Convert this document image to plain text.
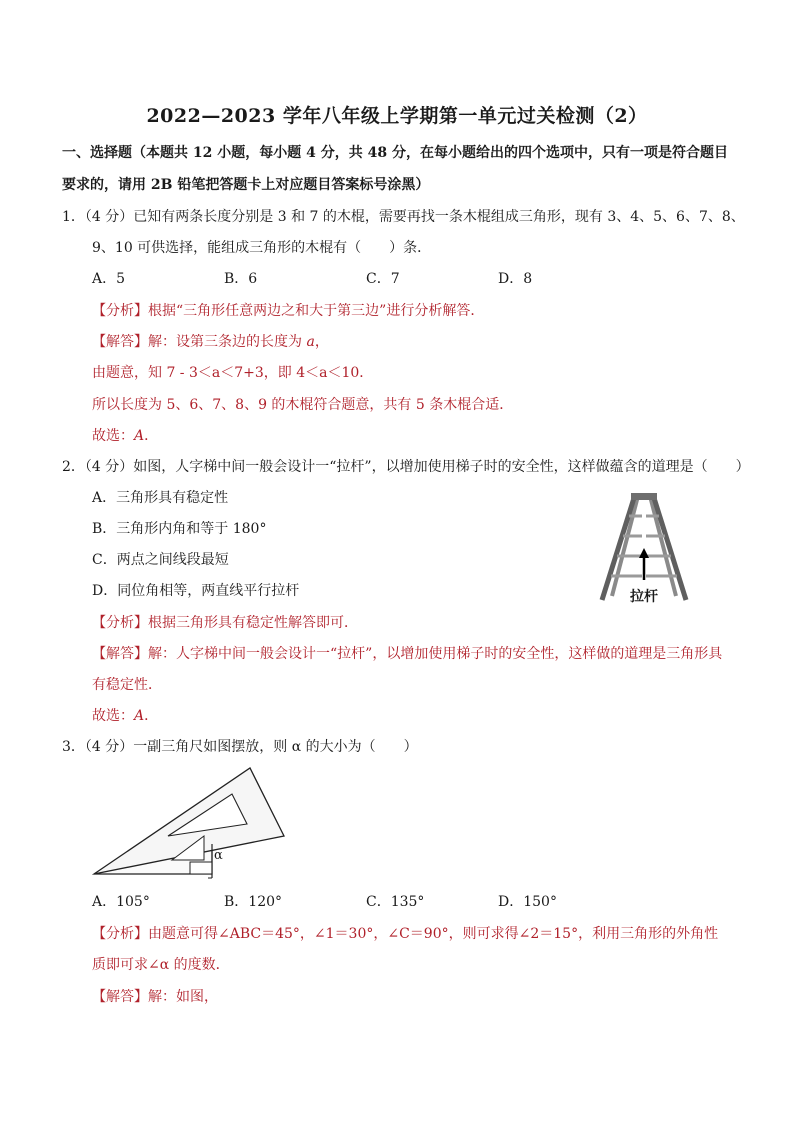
2022—2023 学年八年级上学期第一单元过关检测（2）
一、选择题（本题共 12 小题，每小题 4 分，共 48 分，在每小题给出的四个选项中，只有一项是符合题目
要求的，请用 2B 铅笔把答题卡上对应题目答案标号涂黑）
1．（4 分）已知有两条长度分别是 3 和 7 的木棍，需要再找一条木棍组成三角形，现有 3、4、5、6、7、8、
9、10 可供选择，能组成三角形的木棍有（　　）条．
A．5	B．6	C．7	D．8
【分析】根据“三角形任意两边之和大于第三边”进行分析解答．
【解答】解：设第三条边的长度为 a，
由题意，知 7 - 3＜a＜7+3，即 4＜a＜10．
所以长度为 5、6、7、8、9 的木棍符合题意，共有 5 条木棍合适．
故选：A．
2．（4 分）如图，人字梯中间一般会设计一“拉杆”，以增加使用梯子时的安全性，这样做蕴含的道理是（　　）
A．三角形具有稳定性
B．三角形内角和等于 180°
C．两点之间线段最短
D．同位角相等，两直线平行拉杆	拉杆
【分析】根据三角形具有稳定性解答即可．
【解答】解：人字梯中间一般会设计一“拉杆”，以增加使用梯子时的安全性，这样做的道理是三角形具
有稳定性．
故选：A．
3．（4 分）一副三角尺如图摆放，则 α 的大小为（　　）
α
A．105°	B．120°	C．135°	D．150°
【分析】由题意可得∠ABC＝45°，∠1＝30°，∠C＝90°，则可求得∠2＝15°，利用三角形的外角性
质即可求∠α 的度数．
【解答】解：如图，
